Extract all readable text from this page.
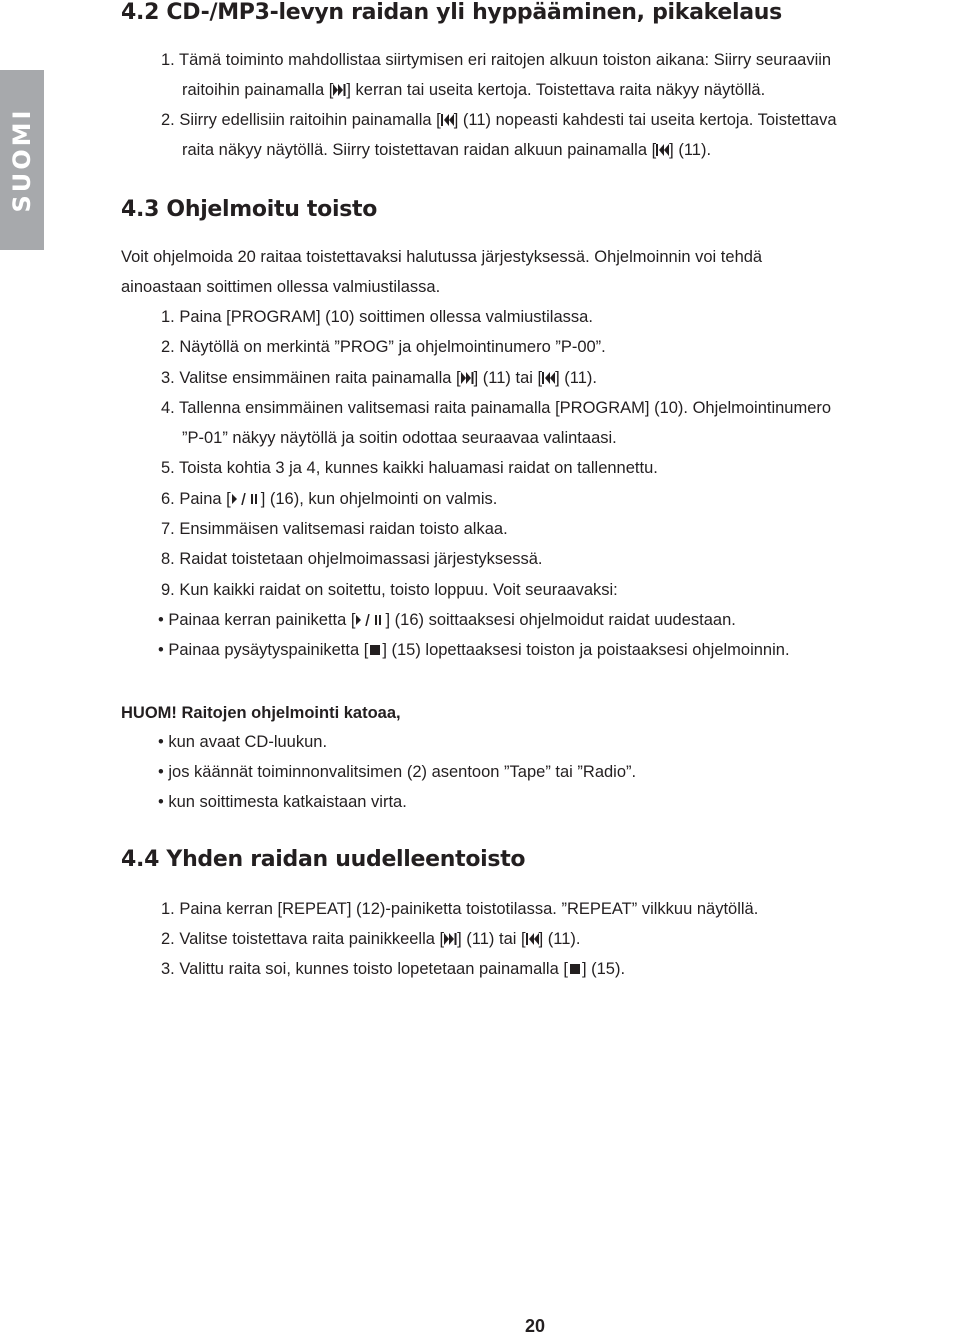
SUOMI
4.2 CD-/MP3-levyn raidan yli hyppääminen, pikakelaus
1. Tämä toiminto mahdollistaa siirtymisen eri raitojen alkuun toiston aikana: Siirry seuraaviin
raitoihin painamalla [ ] kerran tai useita kertoja. Toistettava raita näkyy näytöllä.
2. Siirry edellisiin raitoihin painamalla [ ] (11) nopeasti kahdesti tai useita kertoja. Toistettava
raita näkyy näytöllä. Siirry toistettavan raidan alkuun painamalla [ ] (11).
4.3 Ohjelmoitu toisto
Voit ohjelmoida 20 raitaa toistettavaksi halutussa järjestyksessä. Ohjelmoinnin voi tehdä
ainoastaan soittimen ollessa valmiustilassa.
1. Paina [PROGRAM] (10) soittimen ollessa valmiustilassa.
2. Näytöllä on merkintä ”PROG” ja ohjelmointinumero ”P-00”.
3. Valitse ensimmäinen raita painamalla [ ] (11) tai [ ] (11).
4. Tallenna ensimmäinen valitsemasi raita painamalla [PROGRAM] (10). Ohjelmointinumero
”P-01” näkyy näytöllä ja soitin odottaa seuraavaa valintaasi.
5. Toista kohtia 3 ja 4, kunnes kaikki haluamasi raidat on tallennettu.
6. Paina [ ] (16), kun ohjelmointi on valmis.
7. Ensimmäisen valitsemasi raidan toisto alkaa.
8. Raidat toistetaan ohjelmoimassasi järjestyksessä.
9. Kun kaikki raidat on soitettu, toisto loppuu. Voit seuraavaksi:
• Painaa kerran painiketta [ ] (16) soittaaksesi ohjelmoidut raidat uudestaan.
• Painaa pysäytyspainiketta [ ] (15) lopettaaksesi toiston ja poistaaksesi ohjelmoinnin.
HUOM! Raitojen ohjelmointi katoaa,
• kun avaat CD-luukun.
• jos käännät toiminnonvalitsimen (2) asentoon ”Tape” tai ”Radio”.
• kun soittimesta katkaistaan virta.
4.4 Yhden raidan uudelleentoisto
1. Paina kerran [REPEAT] (12)-painiketta toistotilassa. ”REPEAT” vilkkuu näytöllä.
2. Valitse toistettava raita painikkeella [ ] (11) tai [ ] (11).
3. Valittu raita soi, kunnes toisto lopetetaan painamalla [ ] (15).
20
